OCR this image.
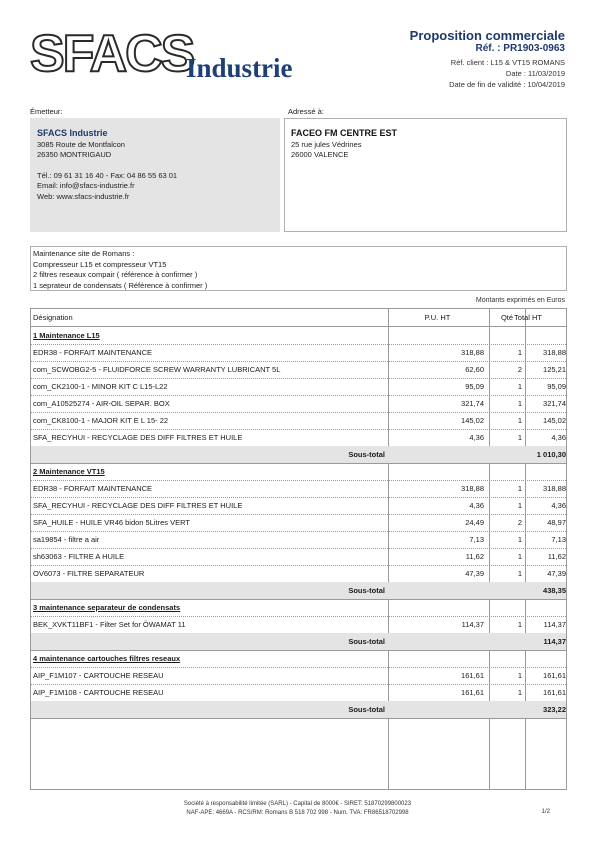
SFACS
Industrie
Proposition commerciale
Réf. : PR1903-0963
Réf. client : L15 & VT15 ROMANS
Date : 11/03/2019
Date de fin de validité : 10/04/2019
Émetteur:
SFACS Industrie
3085 Route de Montfalcon
26350 MONTRIGAUD
Tél.: 09 61 31 16 40 - Fax: 04 86 55 63 01
Email: info@sfacs-industrie.fr
Web: www.sfacs-industrie.fr
Adressé à:
FACEO FM CENTRE EST
25 rue jules Védrines
26000 VALENCE
Maintenance site de Romans :
Compresseur L15 et compresseur VT15
2 filtres reseaux compair ( référence à confirmer )
1 seprateur de condensats ( Référence à confirmer )
Montants exprimés en Euros
Désignation	P.U. HT	Qté Total HT
1 Maintenance L15
EDR38 - FORFAIT MAINTENANCE	318,88	1	318,88
com_SCWOBG2-5 - FLUIDFORCE SCREW WARRANTY LUBRICANT 5L	62,60	2	125,21
com_CK2100-1 - MINOR KIT C L15-L22	95,09	1	95,09
com_A10525274 - AIR-OIL SEPAR. BOX	321,74	1	321,74
com_CK8100-1 - MAJOR KIT E L 15- 22	145,02	1	145,02
SFA_RECYHUI - RECYCLAGE DES DIFF FILTRES ET HUILE	4,36	1	4,36
Sous-total	1 010,30
2 Maintenance VT15
EDR38 - FORFAIT MAINTENANCE	318,88	1	318,88
SFA_RECYHUI - RECYCLAGE DES DIFF FILTRES ET HUILE	4,36	1	4,36
SFA_HUILE - HUILE VR46 bidon 5Litres VERT	24,49	2	48,97
sa19854 - filtre a air	7,13	1	7,13
sh63063 - FILTRE A HUILE	11,62	1	11,62
OV6073 - FILTRE SEPARATEUR	47,39	1	47,39
Sous-total	438,35
3 maintenance separateur de condensats
BEK_XVKT11BF1 - Filter Set for ÖWAMAT 11	114,37	1	114,37
Sous-total	114,37
4 maintenance cartouches filtres reseaux
AIP_F1M107 - CARTOUCHE RESEAU	161,61	1	161,61
AIP_F1M108 - CARTOUCHE RESEAU	161,61	1	161,61
Sous-total	323,22
Société à responsabilité limitée (SARL) - Capital de 8000€ - SIRET: 51870299800023
NAF-APE: 4669A - RCS/RM: Romans B 518 702 998 - Num. TVA: FR86518702998	1/2
